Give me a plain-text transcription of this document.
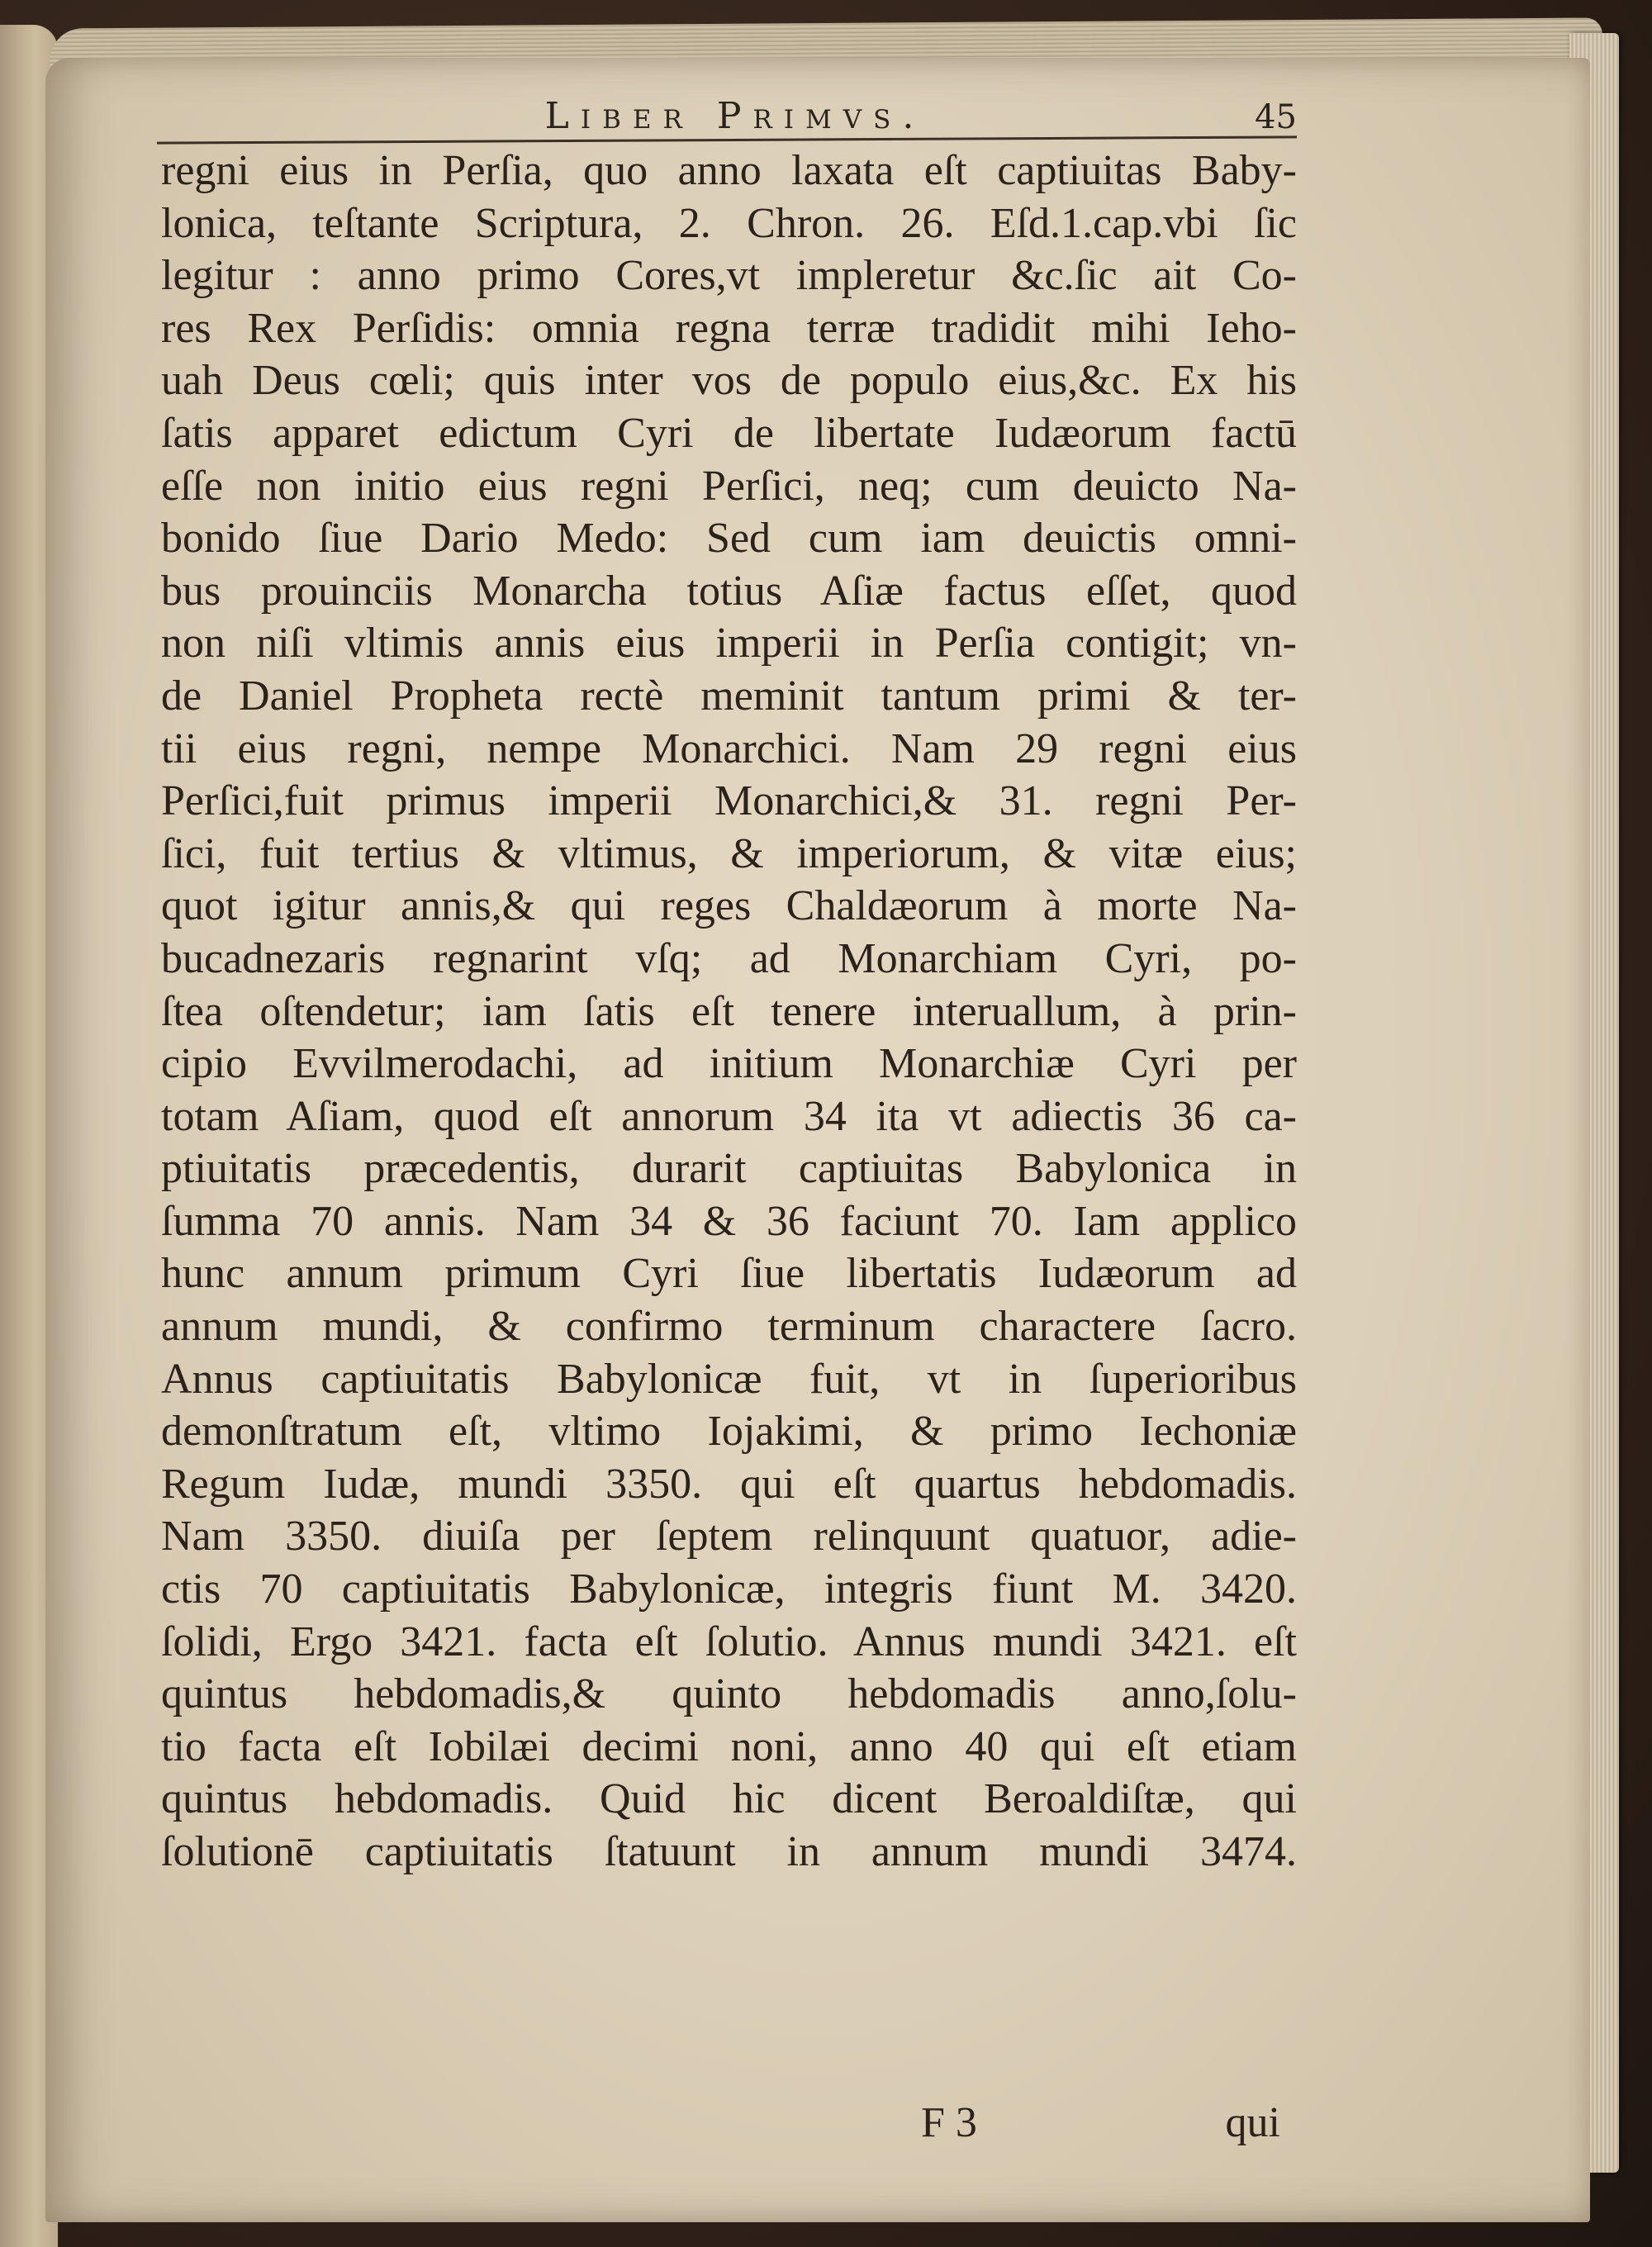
Liber Primvs.	45
regni eius in Perſia, quo anno laxata eſt captiuitas Baby-
lonica, teſtante Scriptura, 2. Chron. 26. Eſd.1.cap.vbi ſic
legitur : anno primo Cores,vt impleretur &c.ſic ait Co-
res Rex Perſidis: omnia regna terræ tradidit mihi Ieho-
uah Deus cœli; quis inter vos de populo eius,&c. Ex his
ſatis apparet edictum Cyri de libertate Iudæorum factū
eſſe non initio eius regni Perſici, neq; cum deuicto Na-
bonido ſiue Dario Medo: Sed cum iam deuictis omni-
bus prouinciis Monarcha totius Aſiæ factus eſſet, quod
non niſi vltimis annis eius imperii in Perſia contigit; vn-
de Daniel Propheta rectè meminit tantum primi & ter-
tii eius regni, nempe Monarchici. Nam 29 regni eius
Perſici,fuit primus imperii Monarchici,& 31. regni Per-
ſici, fuit tertius & vltimus, & imperiorum, & vitæ eius;
quot igitur annis,& qui reges Chaldæorum à morte Na-
bucadnezaris regnarint vſq; ad Monarchiam Cyri, po-
ſtea oſtendetur; iam ſatis eſt tenere interuallum, à prin-
cipio Evvilmerodachi, ad initium Monarchiæ Cyri per
totam Aſiam, quod eſt annorum 34 ita vt adiectis 36 ca-
ptiuitatis præcedentis, durarit captiuitas Babylonica in
ſumma 70 annis. Nam 34 & 36 faciunt 70. Iam applico
hunc annum primum Cyri ſiue libertatis Iudæorum ad
annum mundi, & confirmo terminum charactere ſacro.
Annus captiuitatis Babylonicæ fuit, vt in ſuperioribus
demonſtratum eſt, vltimo Iojakimi, & primo Iechoniæ
Regum Iudæ, mundi 3350. qui eſt quartus hebdomadis.
Nam 3350. diuiſa per ſeptem relinquunt quatuor, adie-
ctis 70 captiuitatis Babylonicæ, integris fiunt M. 3420.
ſolidi, Ergo 3421. facta eſt ſolutio. Annus mundi 3421. eſt
quintus hebdomadis,& quinto hebdomadis anno,ſolu-
tio facta eſt Iobilæi decimi noni, anno 40 qui eſt etiam
quintus hebdomadis. Quid hic dicent Beroaldiſtæ, qui
ſolutionē captiuitatis ſtatuunt in annum mundi 3474.
F 3	qui
